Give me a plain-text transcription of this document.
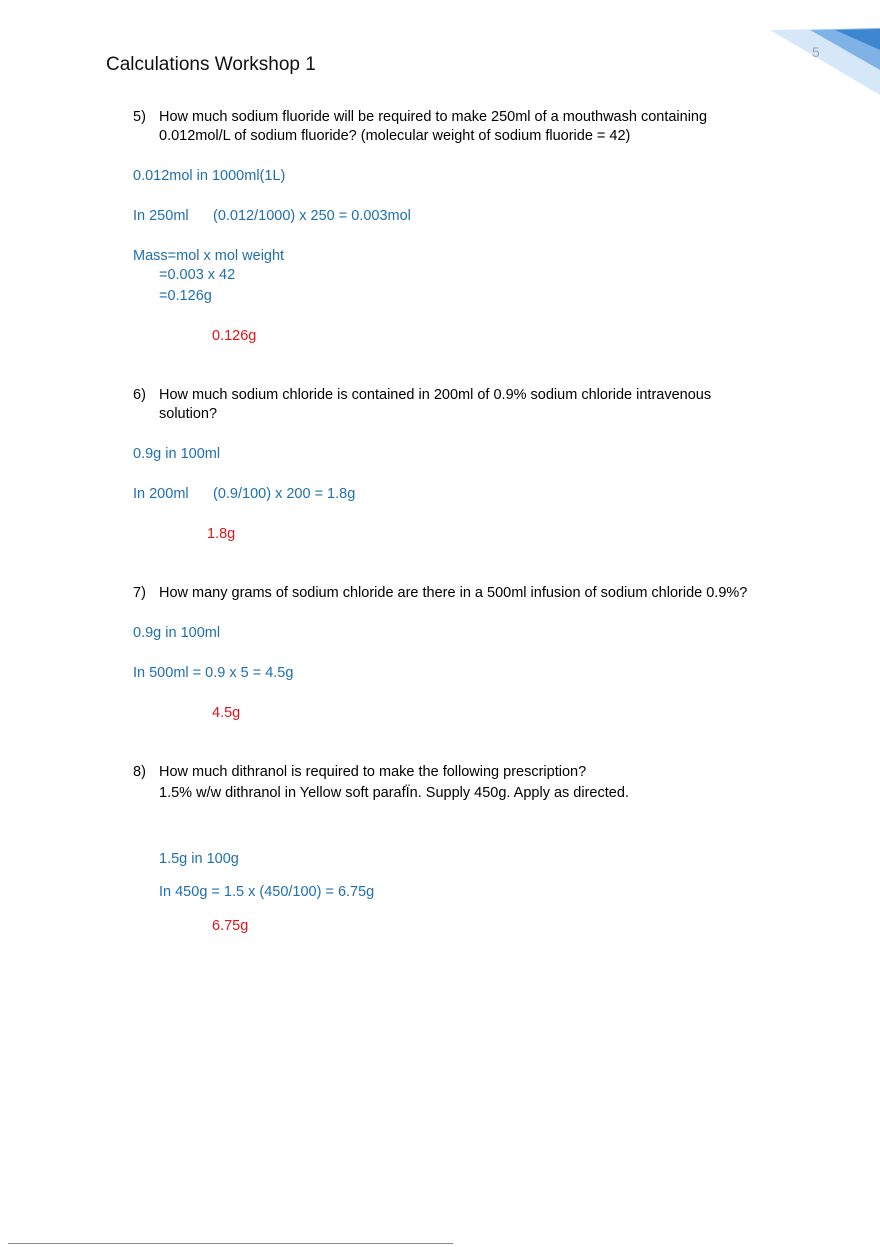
5
Calculations Workshop 1
5) How much sodium fluoride will be required to make 250ml of a mouthwash containing
0.012mol/L of sodium fluoride? (molecular weight of sodium fluoride = 42)
0.012mol in 1000ml(1L)
In 250ml (0.012/1000) x 250 = 0.003mol
Mass=mol x mol weight
=0.003 x 42
=0.126g
0.126g
6) How much sodium chloride is contained in 200ml of 0.9% sodium chloride intravenous
solution?
0.9g in 100ml
In 200ml (0.9/100) x 200 = 1.8g
1.8g
7) How many grams of sodium chloride are there in a 500ml infusion of sodium chloride 0.9%?
0.9g in 100ml
In 500ml = 0.9 x 5 = 4.5g
4.5g
8) How much dithranol is required to make the following prescription?
1.5% w/w dithranol in Yellow soft parafÏn. Supply 450g. Apply as directed.
1.5g in 100g
In 450g = 1.5 x (450/100) = 6.75g
6.75g
